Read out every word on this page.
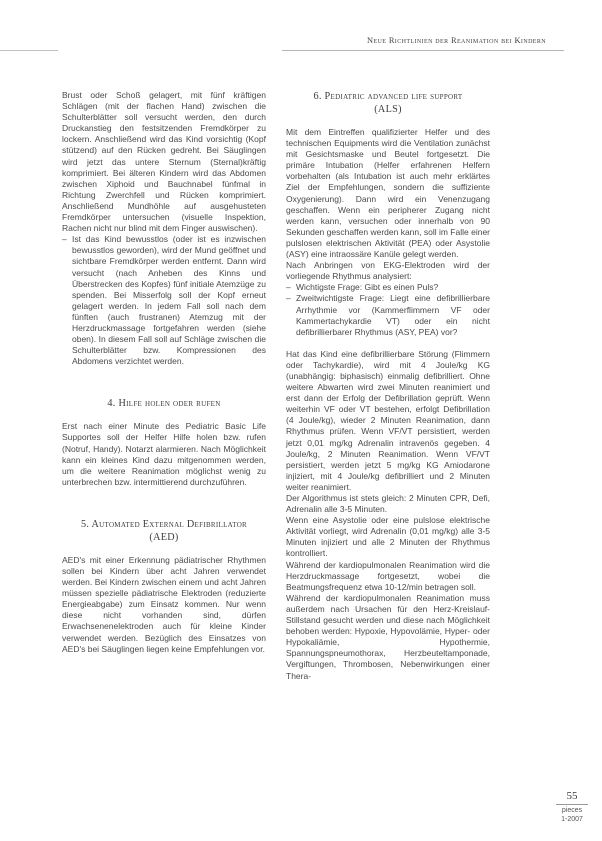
Neue Richtlinien der Reanimation bei Kindern

Brust oder Schoß gelagert, mit fünf kräftigen Schlägen (mit der flachen Hand) zwischen die Schulterblätter soll versucht werden, den durch Druckanstieg den festsitzenden Fremdkörper zu lockern. Anschließend wird das Kind vorsichtig (Kopf stützend) auf den Rücken gedreht. Bei Säuglingen wird jetzt das untere Sternum (Sternal)kräftig komprimiert. Bei älteren Kindern wird das Abdomen zwischen Xiphoid und Bauchnabel fünfmal in Richtung Zwerchfell und Rücken komprimiert. Anschließend Mundhöhle auf ausgehusteten Fremdkörper untersuchen (visuelle Inspektion, Rachen nicht nur blind mit dem Finger auswischen).

– Ist das Kind bewusstlos (oder ist es inzwischen bewusstlos geworden), wird der Mund geöffnet und sichtbare Fremdkörper werden entfernt. Dann wird versucht (nach Anheben des Kinns und Überstrecken des Kopfes) fünf initiale Atemzüge zu spenden. Bei Misserfolg soll der Kopf erneut gelagert werden. In jedem Fall soll nach dem fünften (auch frustranen) Atemzug mit der Herzdruckmassage fortgefahren werden (siehe oben). In diesem Fall soll auf Schläge zwischen die Schulterblätter bzw. Kompressionen des Abdomens verzichtet werden.
4. Hilfe holen oder rufen

Erst nach einer Minute des Pediatric Basic Life Supportes soll der Helfer Hilfe holen bzw. rufen (Notruf, Handy). Notarzt alarmieren. Nach Möglichkeit kann ein kleines Kind dazu mitgenommen werden, um die weitere Reanimation möglichst wenig zu unterbrechen bzw. intermittierend durchzuführen.

5. Automated External Defibrillator
(AED)

AED's mit einer Erkennung pädiatrischer Rhythmen sollen bei Kindern über acht Jahren verwendet werden. Bei Kindern zwischen einem und acht Jahren müssen spezielle pädiatrische Elektroden (reduzierte Energieabgabe) zum Einsatz kommen. Nur wenn diese nicht vorhanden sind, dürfen Erwachsenenelektroden auch für kleine Kinder verwendet werden. Bezüglich des Einsatzes von AED's bei Säuglingen liegen keine Empfehlungen vor.

6. Pediatric advanced life support
(ALS)

Mit dem Eintreffen qualifizierter Helfer und des technischen Equipments wird die Ventilation zunächst mit Gesichtsmaske und Beutel fortgesetzt. Die primäre Intubation (Helfer erfahrenen Helfern vorbehalten (als Intubation ist auch mehr erklärtes Ziel der Empfehlungen, sondern die suffiziente Oxygenierung). Dann wird ein Venenzugang geschaffen. Wenn ein peripherer Zugang nicht werden kann, versuchen oder innerhalb von 90 Sekunden geschaffen werden kann, soll im Falle einer pulslosen elektrischen Aktivität (PEA) oder Asystolie (ASY) eine intraossäre Kanüle gelegt werden.

Nach Anbringen von EKG-Elektroden wird der vorliegende Rhythmus analysiert:

– Wichtigste Frage: Gibt es einen Puls?
– Zweitwichtigste Frage: Liegt eine defibrillierbare Arrhythmie vor (Kammerflimmern VF oder Kammertachykardie VT) oder ein nicht defibrillierbarer Rhythmus (ASY, PEA) vor?

Hat das Kind eine defibrillierbare Störung (Flimmern oder Tachykardie), wird mit 4 Joule/kg KG (unabhängig: biphasisch) einmalig defibrilliert. Ohne weitere Abwarten wird zwei Minuten reanimiert und erst dann der Erfolg der Defibrillation geprüft. Wenn weiterhin VF oder VT bestehen, erfolgt Defibrillation (4 Joule/kg), wieder 2 Minuten Reanimation, dann Rhythmus prüfen. Wenn VF/VT persistiert, werden jetzt 0,01 mg/kg Adrenalin intravenös gegeben. 4 Joule/kg, 2 Minuten Reanimation. Wenn VF/VT persistiert, werden jetzt 5 mg/kg KG Amiodarone injiziert, mit 4 Joule/kg defibrilliert und 2 Minuten weiter reanimiert.

Der Algorithmus ist stets gleich: 2 Minuten CPR, Defi, Adrenalin alle 3-5 Minuten.

Wenn eine Asystolie oder eine pulslose elektrische Aktivität vorliegt, wird Adrenalin (0,01 mg/kg) alle 3-5 Minuten injiziert und alle 2 Minuten der Rhythmus kontrolliert.

Während der kardiopulmonalen Reanimation wird die Herzdruckmassage fortgesetzt, wobei die Beatmungsfrequenz etwa 10-12/min betragen soll.

Während der kardiopulmonalen Reanimation muss außerdem nach Ursachen für den Herz-Kreislauf-Stillstand gesucht werden und diese nach Möglichkeit behoben werden: Hypoxie, Hypovolämie, Hyper- oder Hypokaliämie, Hypothermie, Spannungspneumothorax, Herzbeuteltamponade, Vergiftungen, Thrombosen, Nebenwirkungen einer Thera-

55
pieces
1-2007
